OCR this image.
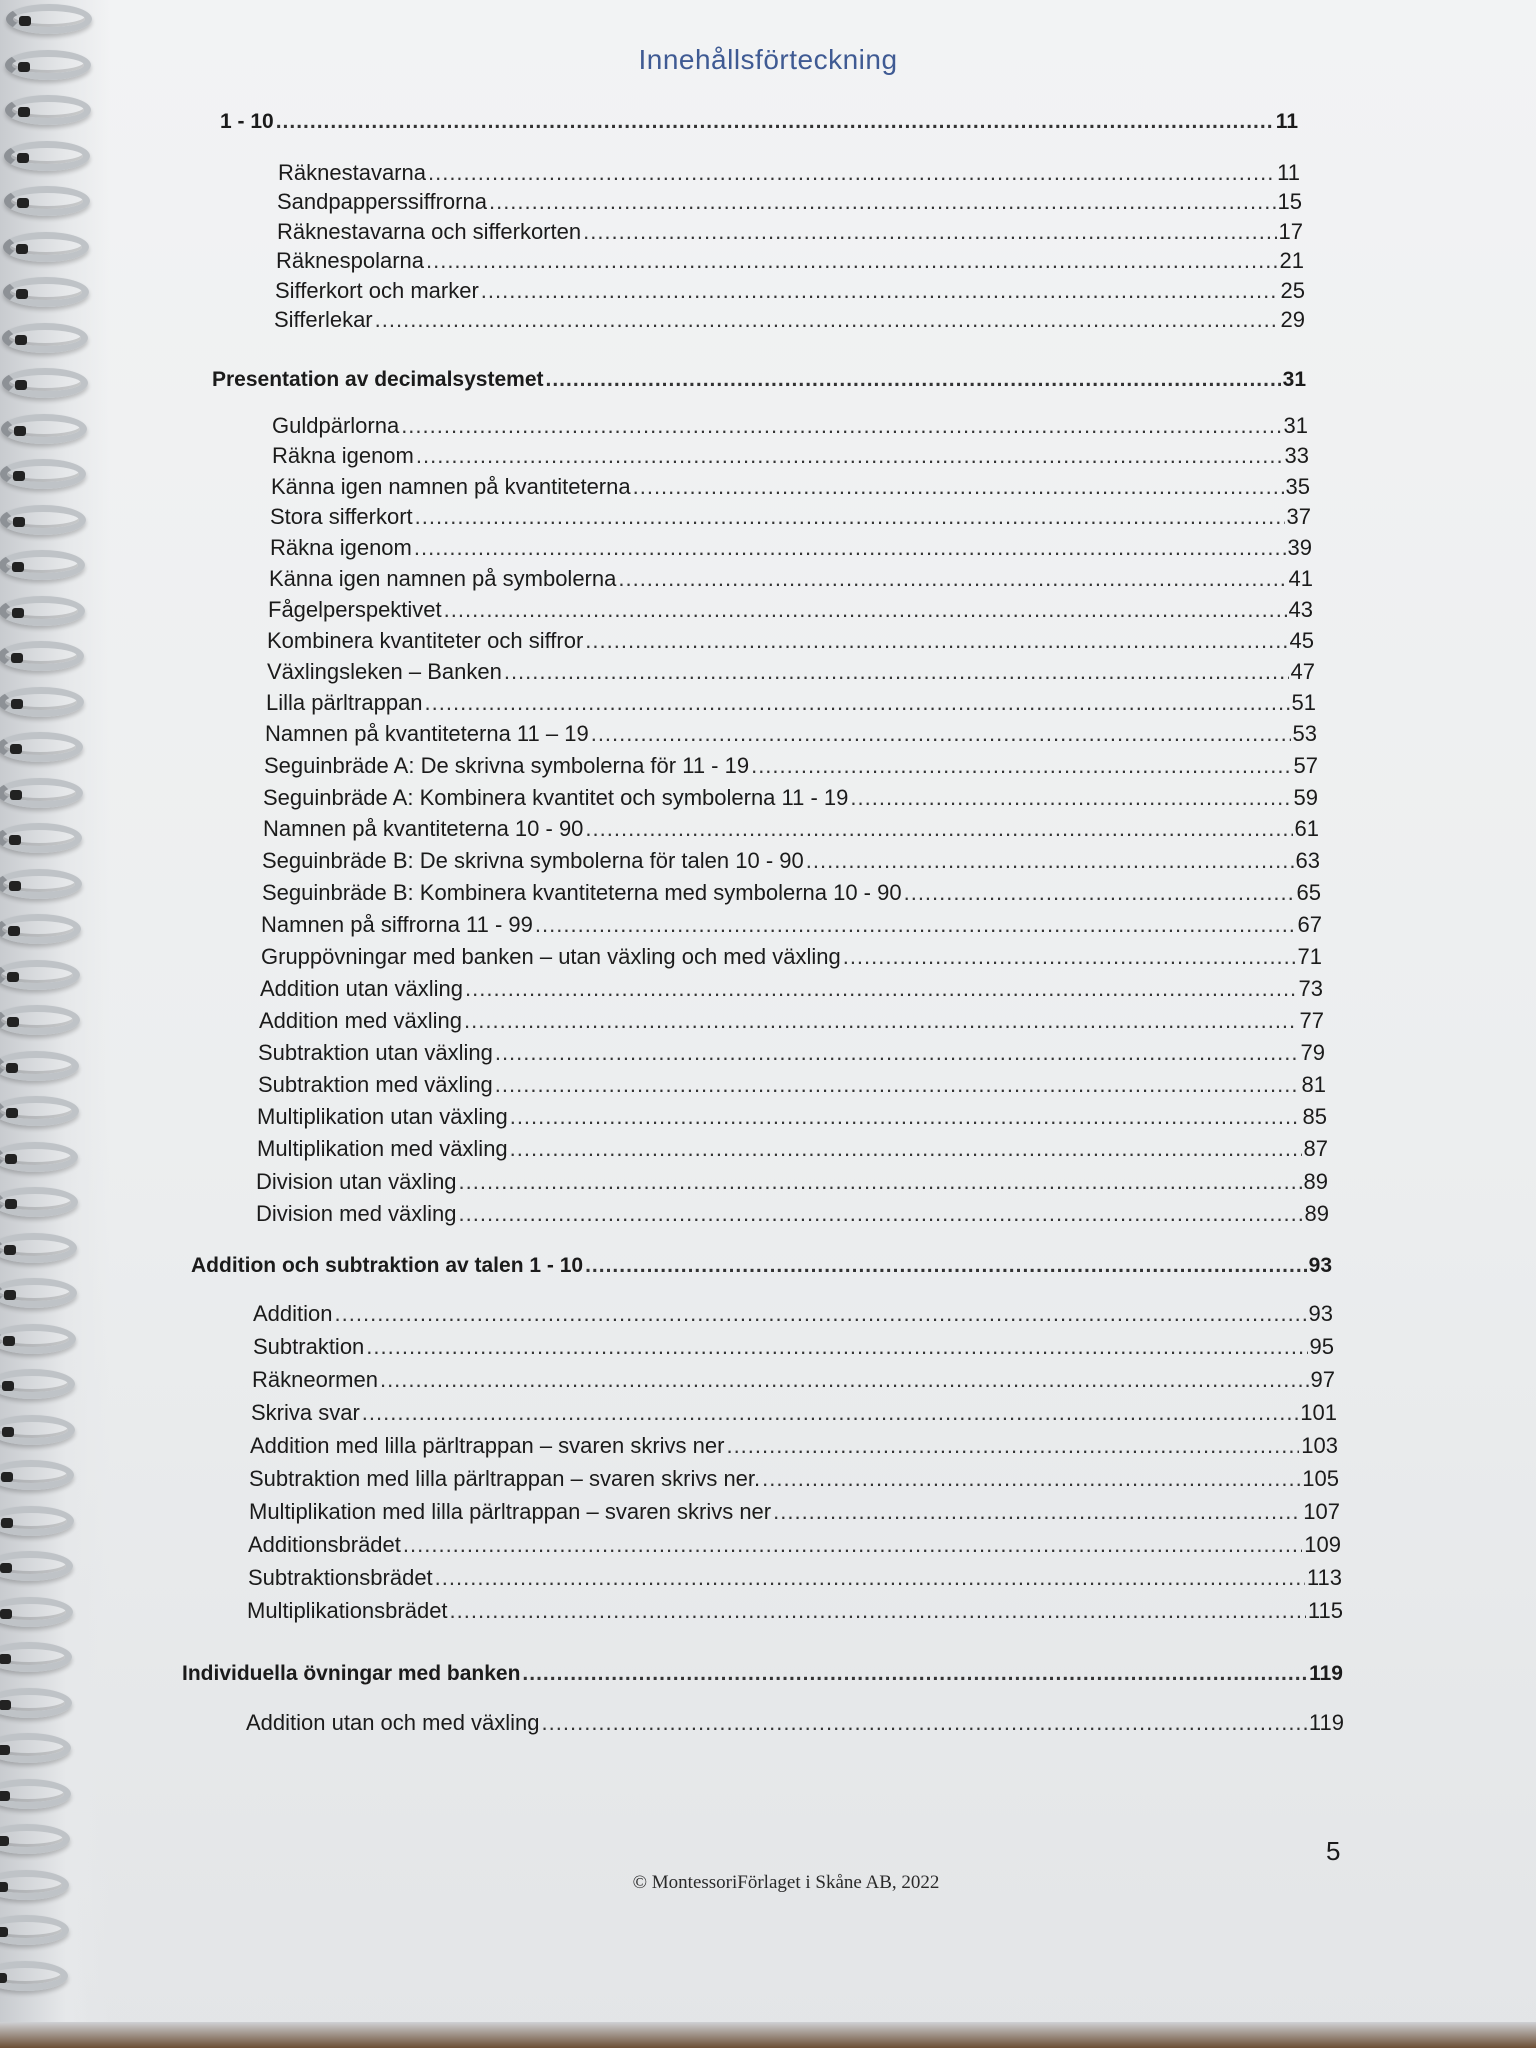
Innehållsförteckning
1 - 10 .....	11
Räknestavarna .....	11
Sandpapperssiffrorna .....	15
Räknestavarna och sifferkorten .....	17
Räknespolarna .....	21
Sifferkort och marker .....	25
Sifferlekar .....	29
Presentation av decimalsystemet .....	31
Guldpärlorna .....	31
Räkna igenom .....	33
Känna igen namnen på kvantiteterna .....	35
Stora sifferkort .....	37
Räkna igenom .....	39
Känna igen namnen på symbolerna .....	41
Fågelperspektivet .....	43
Kombinera kvantiteter och siffror .....	45
Växlingsleken – Banken .....	47
Lilla pärltrappan .....	51
Namnen på kvantiteterna 11 – 19 .....	53
Seguinbräde A: De skrivna symbolerna för 11 - 19 .....	57
Seguinbräde A: Kombinera kvantitet och symbolerna 11 - 19 .....	59
Namnen på kvantiteterna 10 - 90 .....	61
Seguinbräde B: De skrivna symbolerna för talen 10 - 90 .....	63
Seguinbräde B: Kombinera kvantiteterna med symbolerna 10 - 90 .....	65
Namnen på siffrorna 11 - 99 .....	67
Gruppövningar med banken – utan växling och med växling .....	71
Addition utan växling .....	73
Addition med växling .....	77
Subtraktion utan växling .....	79
Subtraktion med växling .....	81
Multiplikation utan växling .....	85
Multiplikation med växling .....	87
Division utan växling .....	89
Division med växling .....	89
Addition och subtraktion av talen 1 - 10 .....	93
Addition .....	93
Subtraktion .....	95
Räkneormen .....	97
Skriva svar .....	101
Addition med lilla pärltrappan – svaren skrivs ner .....	103
Subtraktion med lilla pärltrappan – svaren skrivs ner. .....	105
Multiplikation med lilla pärltrappan – svaren skrivs ner .....	107
Additionsbrädet .....	109
Subtraktionsbrädet .....	113
Multiplikationsbrädet .....	115
Individuella övningar med banken .....	119
Addition utan och med växling .....	119
5
© MontessoriFörlaget i Skåne AB, 2022
